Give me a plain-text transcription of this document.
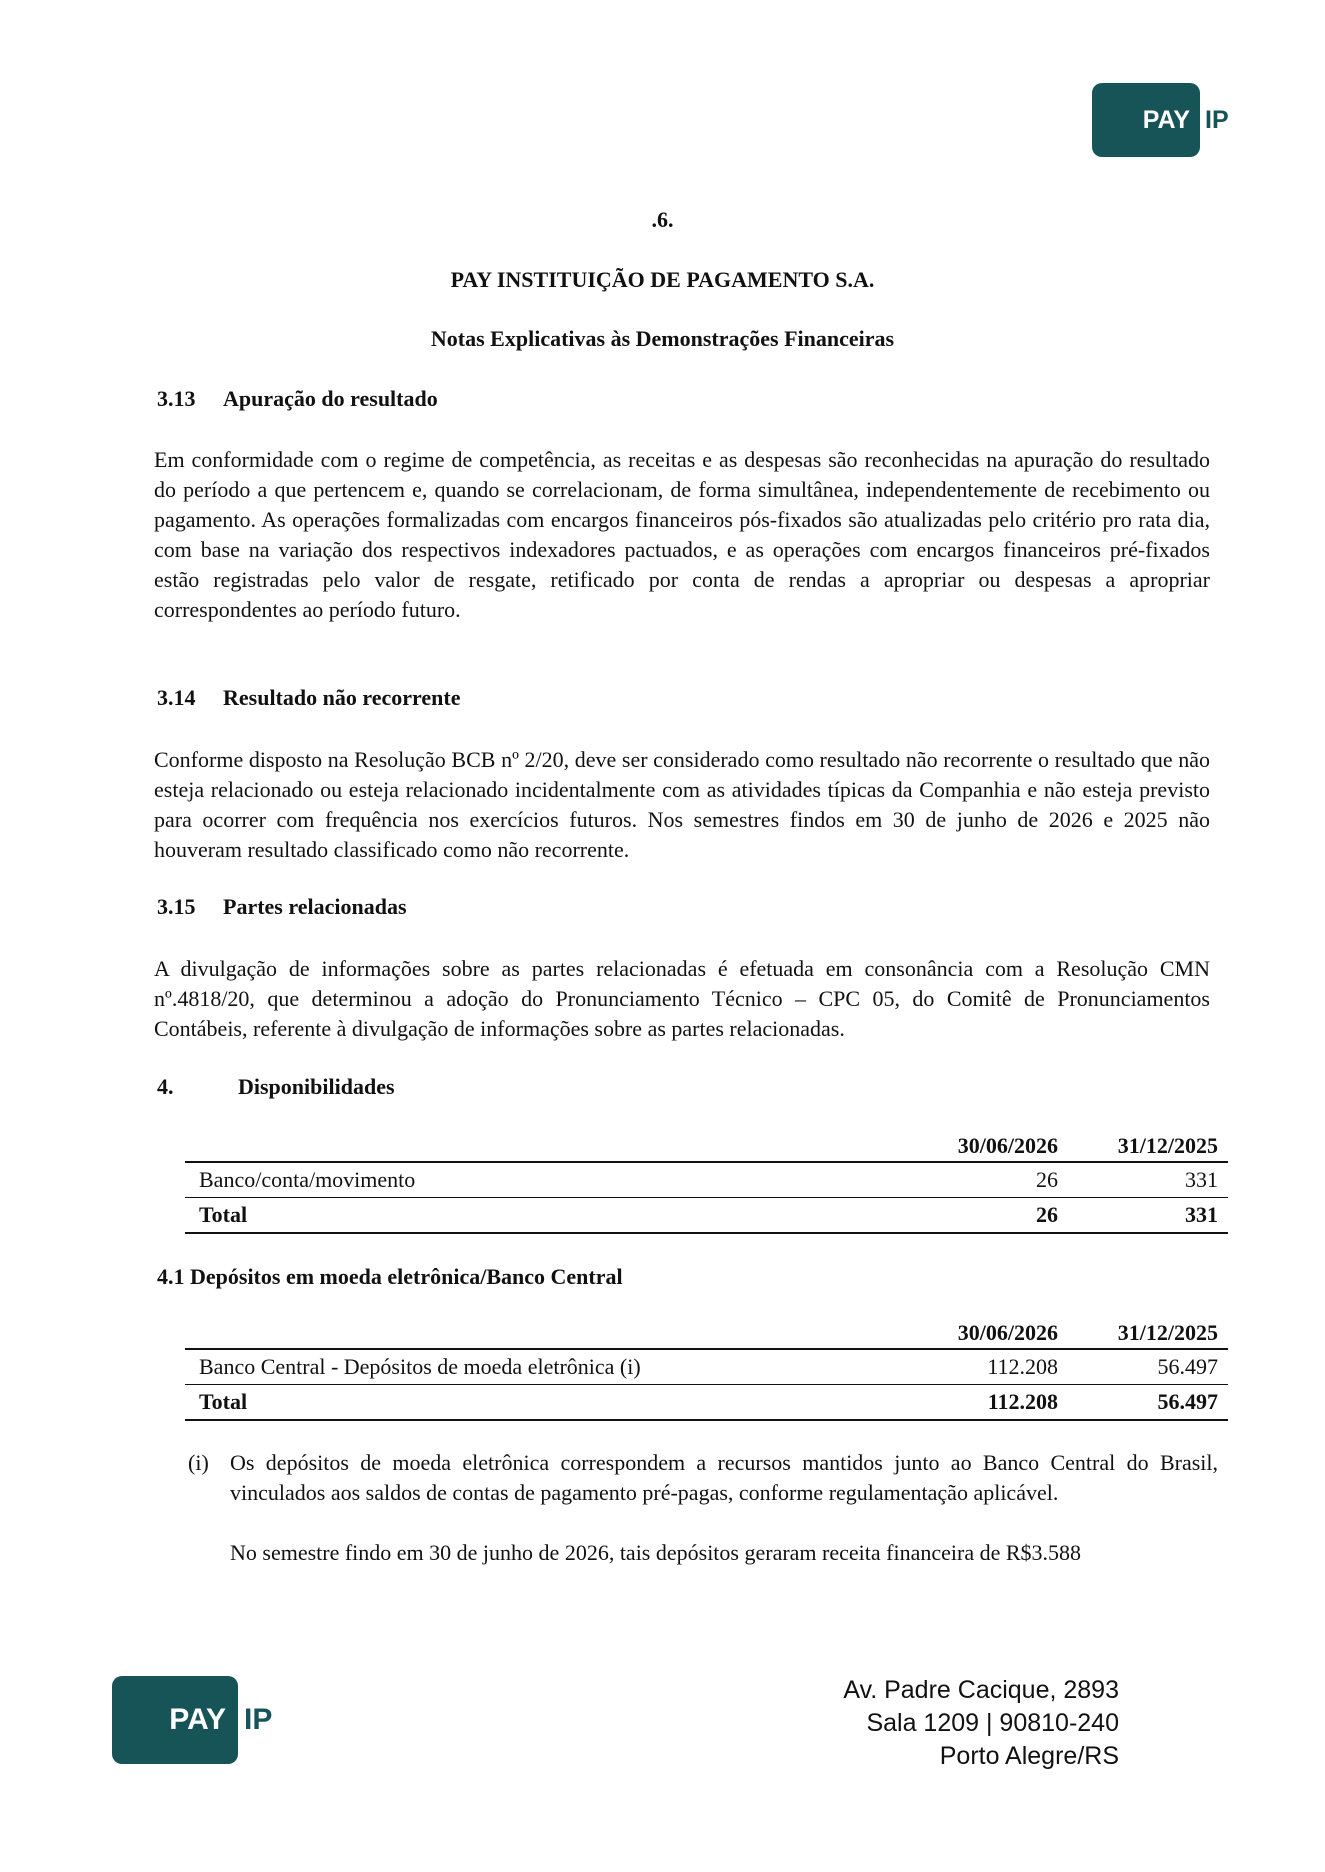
PAY IP
.6.
PAY INSTITUIÇÃO DE PAGAMENTO S.A.
Notas Explicativas às Demonstrações Financeiras
3.13 Apuração do resultado
Em conformidade com o regime de competência, as receitas e as despesas são reconhecidas na apuração do resultado do período a que pertencem e, quando se correlacionam, de forma simultânea, independentemente de recebimento ou pagamento. As operações formalizadas com encargos financeiros pós-fixados são atualizadas pelo critério pro rata dia, com base na variação dos respectivos indexadores pactuados, e as operações com encargos financeiros pré-fixados estão registradas pelo valor de resgate, retificado por conta de rendas a apropriar ou despesas a apropriar correspondentes ao período futuro.
3.14 Resultado não recorrente
Conforme disposto na Resolução BCB nº 2/20, deve ser considerado como resultado não recorrente o resultado que não esteja relacionado ou esteja relacionado incidentalmente com as atividades típicas da Companhia e não esteja previsto para ocorrer com frequência nos exercícios futuros. Nos semestres findos em 30 de junho de 2026 e 2025 não houveram resultado classificado como não recorrente.
3.15 Partes relacionadas
A divulgação de informações sobre as partes relacionadas é efetuada em consonância com a Resolução CMN nº.4818/20, que determinou a adoção do Pronunciamento Técnico – CPC 05, do Comitê de Pronunciamentos Contábeis, referente à divulgação de informações sobre as partes relacionadas.
4.	Disponibilidades
	30/06/2026	31/12/2025
Banco/conta/movimento	26	331
Total	26	331
4.1 Depósitos em moeda eletrônica/Banco Central
	30/06/2026	31/12/2025
Banco Central - Depósitos de moeda eletrônica (i)	112.208	56.497
Total	112.208	56.497
(i) Os depósitos de moeda eletrônica correspondem a recursos mantidos junto ao Banco Central do Brasil, vinculados aos saldos de contas de pagamento pré-pagas, conforme regulamentação aplicável.
No semestre findo em 30 de junho de 2026, tais depósitos geraram receita financeira de R$3.588
PAY IP
Av. Padre Cacique, 2893
Sala 1209 | 90810-240
Porto Alegre/RS
